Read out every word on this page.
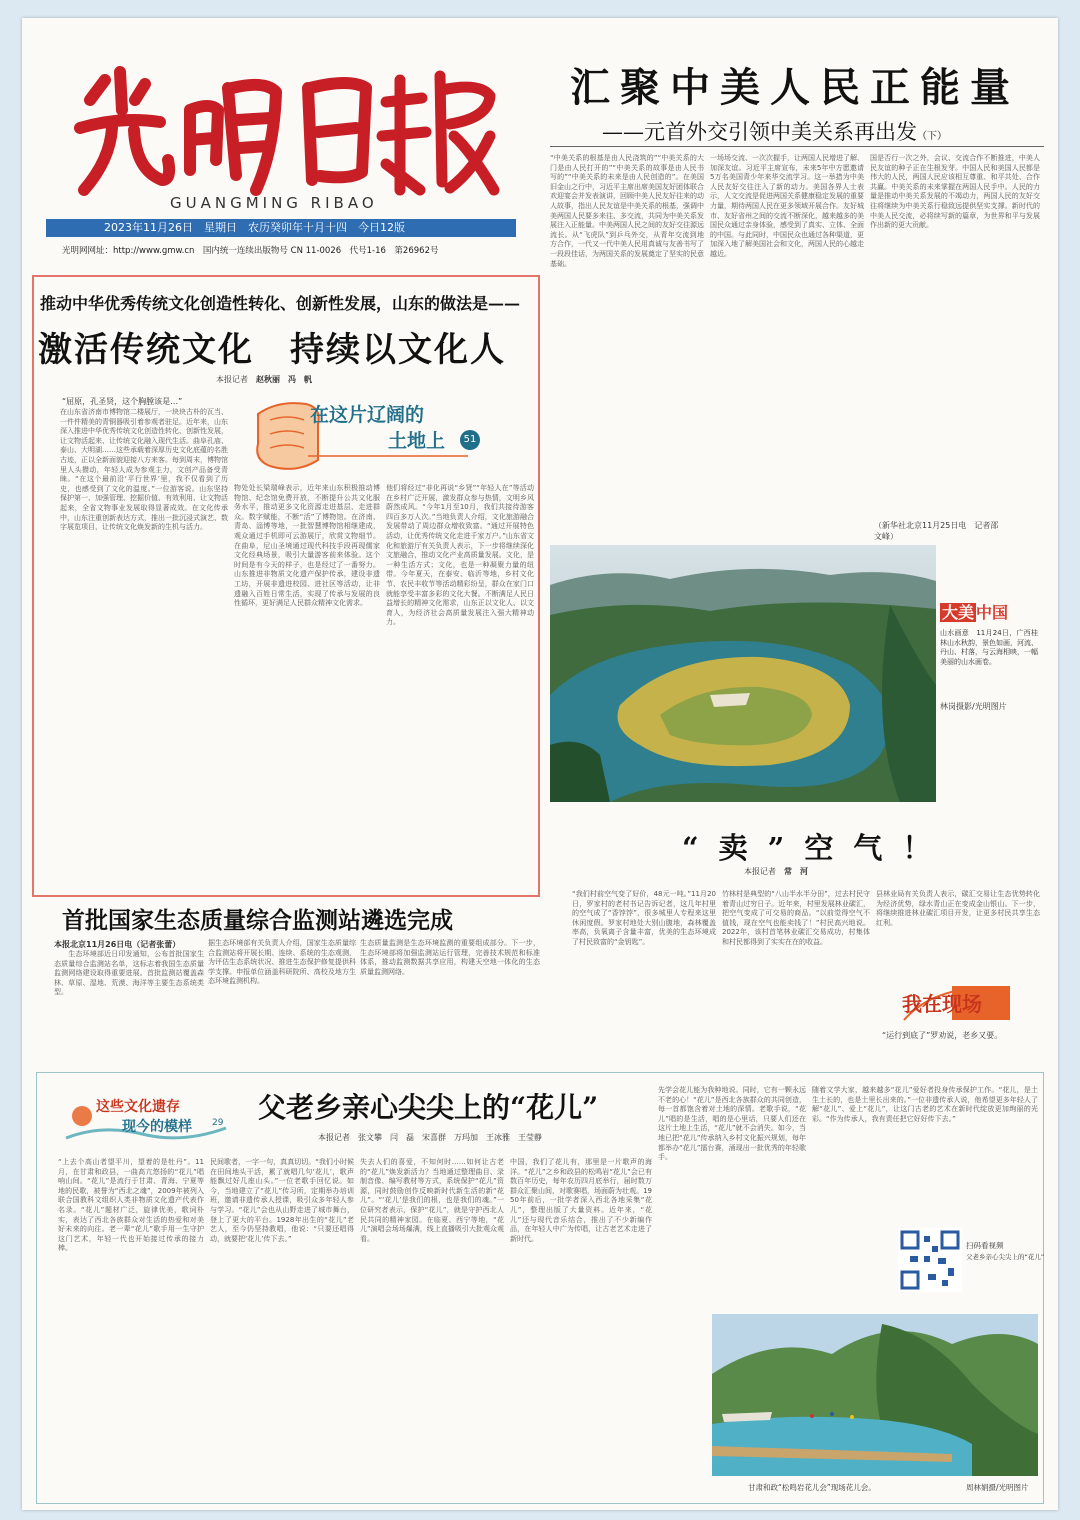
GUANGMING RIBAO
2023年11月26日　星期日　农历癸卯年十月十四　今日12版
光明网网址：http://www.gmw.cn　国内统一连续出版物号 CN 11-0026　代号1-16　第26962号
汇聚中美人民正能量
——元首外交引领中美关系再出发（下）
“中美关系的根基是由人民浇筑的”“中美关系的大门是由人民打开的”“中美关系的故事是由人民书写的”“中美关系的未来是由人民创造的”。在美国旧金山之行中，习近平主席出席美国友好团体联合欢迎宴会并发表演讲，回顾中美人民友好往来的动人故事，指出人民友谊是中美关系的根基，强调中美两国人民要多来往、多交流，共同为中美关系发展注入正能量。中美两国人民之间的友好交往源远流长。从“飞虎队”到乒乓外交，从青年交流到地方合作，一代又一代中美人民用真诚与友善书写了一段段佳话，为两国关系的发展奠定了坚实的民意基础。
一场场交流、一次次握手，让两国人民增进了解、加深友谊。习近平主席宣布，未来5年中方愿邀请5万名美国青少年来华交流学习。这一举措为中美人民友好交往注入了新的动力。美国各界人士表示，人文交流是促进两国关系健康稳定发展的重要力量，期待两国人民在更多领域开展合作。友好城市、友好省州之间的交流不断深化，越来越多的美国民众通过亲身体验，感受到了真实、立体、全面的中国。与此同时，中国民众也通过各种渠道，更加深入地了解美国社会和文化，两国人民的心越走越近。
国是否行一次之外，会议、交流合作不断推进，中美人民友谊的种子正在生根发芽。中国人民和美国人民都是伟大的人民，两国人民应该相互尊重、和平共处、合作共赢。中美关系的未来掌握在两国人民手中。人民的力量是推动中美关系发展的不竭动力，两国人民的友好交往将继续为中美关系行稳致远提供坚实支撑。新时代的中美人民交流，必将续写新的篇章，为世界和平与发展作出新的更大贡献。
（新华社北京11月25日电　记者邵
文峰）
推动中华优秀传统文化创造性转化、创新性发展，山东的做法是——
激活传统文化　持续以文化人
本报记者　 赵秋丽　冯　帆
在这片辽阔的
土地上	51
“屈原，孔圣贤，这个胸膛该是…”
在山东省济南市博物馆二楼展厅，一块块古朴的瓦当、一件件精美的青铜器吸引着参观者驻足。近年来，山东深入推进中华优秀传统文化创造性转化、创新性发展，让文物活起来、让传统文化融入现代生活。曲阜孔庙、泰山、大明湖……这些承载着深厚历史文化底蕴的名胜古迹，正以全新面貌迎接八方来客。每到周末，博物馆里人头攒动，年轻人成为参观主力，文创产品备受青睐。“在这个最前沿‘平行世界’里，我不仅看到了历史，也感受到了文化的温度。”一位游客说。山东坚持保护第一、加强管理、挖掘价值、有效利用、让文物活起来，全省文物事业发展取得显著成效。在文化传承中，山东注重创新表达方式，推出一批沉浸式演艺、数字展览项目，让传统文化焕发新的生机与活力。
物处处长梁瑞峰表示，近年来山东积极推动博物馆、纪念馆免费开放，不断提升公共文化服务水平，推动更多文化资源走进基层、走进群众。数字赋能，不断“活”了博物馆。在济南、青岛、淄博等地，一批智慧博物馆相继建成，观众通过手机即可云游展厅，欣赏文物细节。在曲阜，尼山圣境通过现代科技手段再现儒家文化经典场景，吸引大量游客前来体验。这个时间是有今天的样子，也是经过了一番努力。山东推进非物质文化遗产保护传承，建设非遗工坊，开展非遗进校园、进社区等活动，让非遗融入百姓日常生活，实现了传承与发展的良性循环，更好满足人民群众精神文化需求。
他们将经过“非化再说“乡贤”“年轻人在”等活动在乡村广泛开展，激发群众参与热情，文明乡风蔚然成风。“今年1月至10月，我们共接待游客四百多万人次。”当地负责人介绍，文化旅游融合发展带动了周边群众增收致富。“通过开展特色活动，让优秀传统文化走进千家万户。”山东省文化和旅游厅有关负责人表示，下一步将继续深化文旅融合，推动文化产业高质量发展。文化，是一种生活方式；文化，也是一种凝聚力量的纽带。今年夏天，在泰安、临沂等地，乡村文化节、农民丰收节等活动精彩纷呈，群众在家门口就能享受丰富多彩的文化大餐。不断满足人民日益增长的精神文化需求，山东正以文化人、以文育人，为经济社会高质量发展注入强大精神动力。
首批国家生态质量综合监测站遴选完成
本报北京11月26日电（记者张蕾）
　　生态环境部近日印发通知，公布首批国家生态质量综合监测站名单，这标志着我国生态质量监测网络建设取得重要进展。首批监测站覆盖森林、草原、湿地、荒漠、海洋等主要生态系统类型。
据生态环境部有关负责人介绍，国家生态质量综合监测站将开展长期、连续、系统的生态观测，为评估生态系统状况、推进生态保护修复提供科学支撑。申报单位涵盖科研院所、高校及地方生态环境监测机构。
生态质量监测是生态环境监测的重要组成部分。下一步，生态环境部将加强监测站运行管理，完善技术规范和标准体系，推动监测数据共享应用，构建天空地一体化的生态质量监测网络。
大美 中国
山水画意　11月24日，广西桂林山水秋韵，景色如画，河流、丹山、村落，与云海相映，一幅美丽的山水画卷。
林岗摄影/光明图片
“卖”空气！
本报记者　 常　河
“我们村前空气变了好价，48元一吨。”11月20日，罗家村的老村书记告诉记者，这几年村里的空气成了“香饽饽”，很多城里人专程来这里休闲度假。罗家村地处大别山腹地，森林覆盖率高，负氧离子含量丰富，优美的生态环境成了村民致富的“金钥匙”。
竹林村是典型的“八山半水半分田”，过去村民守着青山过穷日子。近年来，村里发展林业碳汇，把空气变成了可交易的商品。“以前觉得空气不值钱，现在空气也能卖钱了！”村民高兴地说。2022年，该村首笔林业碳汇交易成功，村集体和村民都得到了实实在在的收益。
县林业局有关负责人表示，碳汇交易让生态优势转化为经济优势，绿水青山正在变成金山银山。下一步，将继续推进林业碳汇项目开发，让更多村民共享生态红利。
我在现场
“运行到底了”罗劝说，老乡又要。
这些文化遗存
现今的模样 29 父老乡亲心尖尖上的“花儿”
本报记者　张文攀　闫　磊　宋喜群　万玛加　王冰雅　王莹静
“上去个高山者望平川，望着的是牡丹”。11月，在甘肃和政县，一曲高亢悠扬的“花儿”唱响山间。“花儿”是流行于甘肃、青海、宁夏等地的民歌，被誉为“西北之魂”，2009年被列入联合国教科文组织人类非物质文化遗产代表作名录。“花儿”题材广泛，旋律优美，歌词朴实，表达了西北各族群众对生活的热爱和对美好未来的向往。老一辈“花儿”歌手用一生守护这门艺术，年轻一代也开始接过传承的接力棒。
民间歌者，一字一句，真真切切。“我们小时候在田间地头干活，累了就唱几句‘花儿’，歌声能飘过好几座山头。”一位老歌手回忆说。如今，当地建立了“花儿”传习所，定期举办培训班，邀请非遗传承人授课，吸引众多年轻人参与学习。“花儿”会也从山野走进了城市舞台，登上了更大的平台。1928年出生的“花儿”老艺人，至今仍坚持教唱，他说：“只要还唱得动，就要把‘花儿’传下去。”
失去人们的喜爱，不知何时……如何让古老的“花儿”焕发新活力？当地通过整理曲目、录制音像、编写教材等方式，系统保护“花儿”资源，同时鼓励创作反映新时代新生活的新“花儿”。“‘花儿’是我们的根，也是我们的魂。”一位研究者表示，保护“花儿”，就是守护西北人民共同的精神家园。在临夏、西宁等地，“花儿”演唱会场场爆满，线上直播吸引大批观众观看。
中国，我们了花儿有，那里是一片歌声的海洋。“花儿”之乡和政县的松鸣岩“花儿”会已有数百年历史，每年农历四月底举行，届时数万群众汇聚山间，对歌赛唱，场面蔚为壮观。1950年前后，一批学者深入西北各地采集“花儿”，整理出版了大量资料。近年来，“花儿”还与现代音乐结合，推出了不少新编作品，在年轻人中广为传唱，让古老艺术走进了新时代。
先学会花儿能为我种地说。同时，它有一颗永远不老的心！“花儿”是西北各族群众的共同创造，每一首都饱含着对土地的深情。老歌手说，“花儿”唱的是生活，唱的是心里话，只要人们还在这片土地上生活，“花儿”就不会消失。如今，当地已把“花儿”传承纳入乡村文化振兴规划，每年都举办“花儿”擂台赛，涌现出一批优秀的年轻歌手。
随着文学大家，越来越多“花儿”爱好者投身传承保护工作。“花儿，是土生土长的，也是土里长出来的。”一位非遗传承人说，他希望更多年轻人了解“花儿”、爱上“花儿”，让这门古老的艺术在新时代绽放更加绚丽的光彩。“作为传承人，我有责任把它好好传下去。”
扫码看视频
父老乡亲心尖尖上的“花儿”
甘肃和政“松鸣岩花儿会”现场花儿会。	周林娟摄/光明图片
